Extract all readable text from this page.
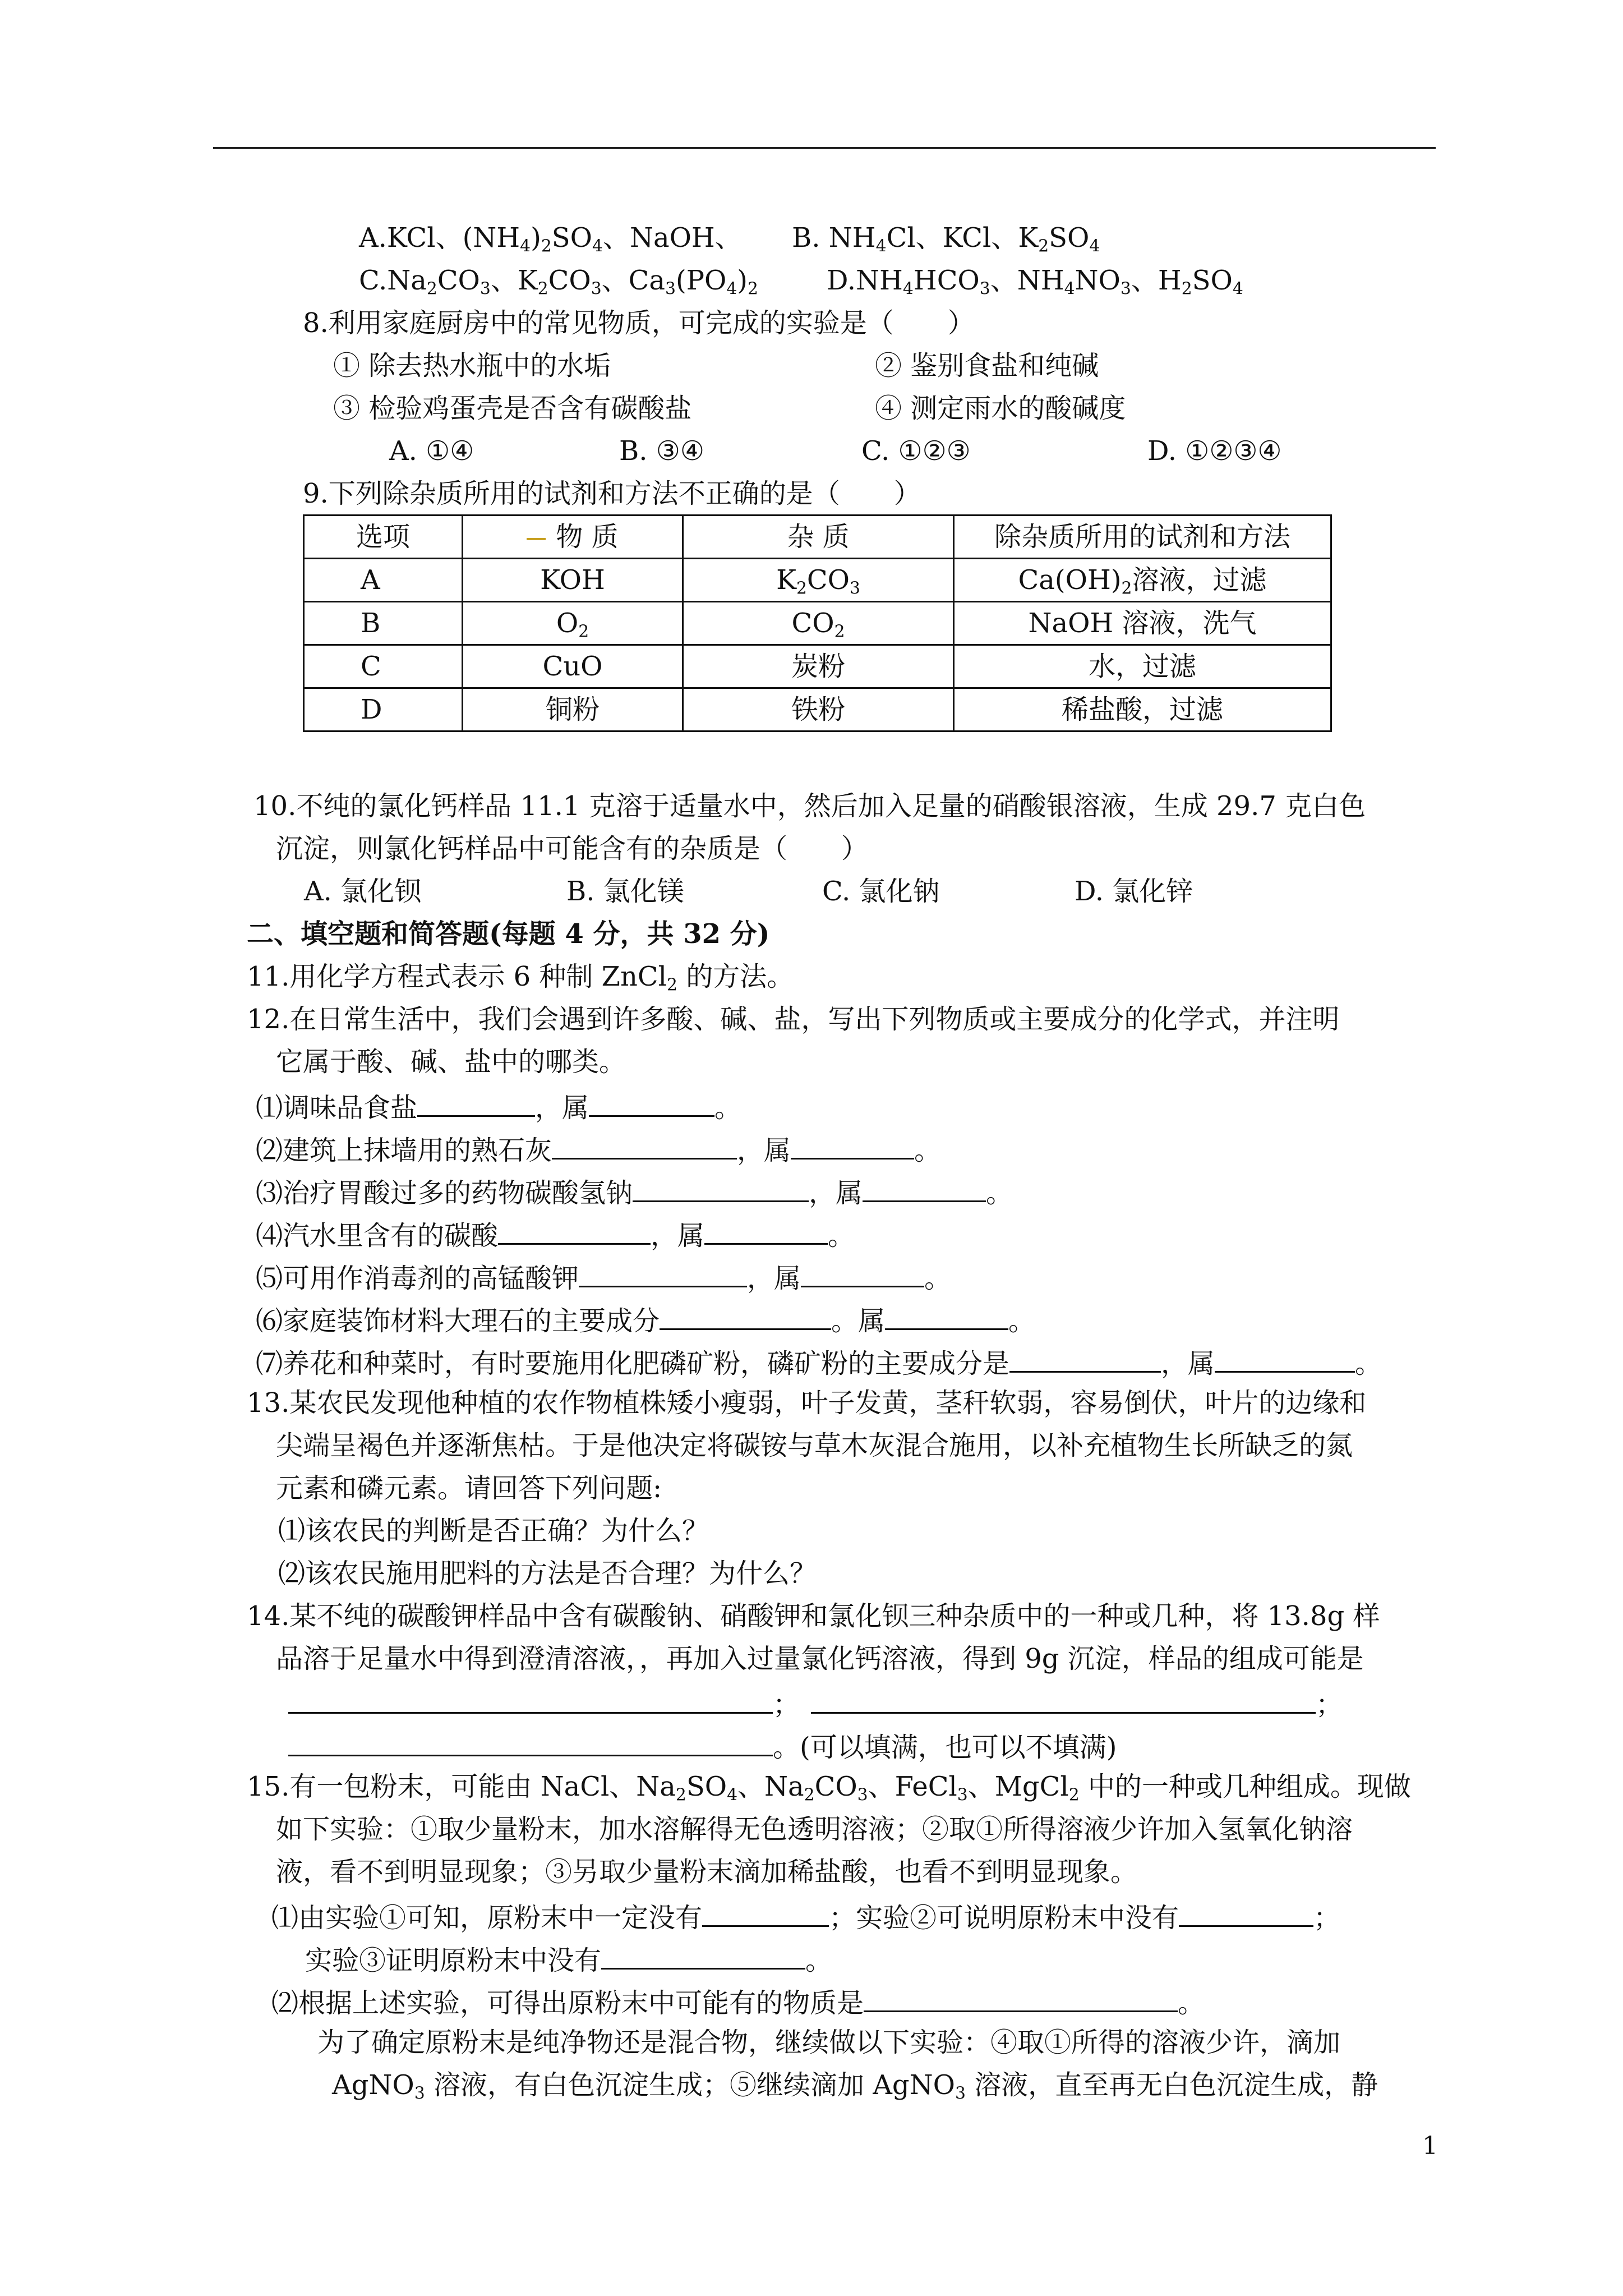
A.KCl、$(NH_4)_2SO_4$、NaOH、 B. $NH_4Cl$、KCl、$K_2SO_4$
$C.Na_2CO_3$、$K_2CO_3$、$Ca_3(PO_4)_2$	$D.NH_4HCO_3$、$NH_4NO_3$、$H_2SO_4$
8.利用家庭厨房中的常见物质，可完成的实验是（　　）
① 除去热水瓶中的水垢	② 鉴别食盐和纯碱
③ 检验鸡蛋壳是否含有碳酸盐	④ 测定雨水的酸碱度
A. ①④	B. ③④	C. ①②③	D. ①②③④
9.下列除杂质所用的试剂和方法不正确的是（　　）
选项	物 质	杂 质	除杂质所用的试剂和方法
A	KOH	$K_2CO_3$	$Ca(OH)_2$溶液，过滤
B	$O_2$	$CO_2$	NaOH 溶液，洗气
C	CuO	炭粉	水，过滤
D	铜粉	铁粉	稀盐酸，过滤
10.不纯的氯化钙样品 11.1 克溶于适量水中，然后加入足量的硝酸银溶液，生成 29.7 克白色
沉淀，则氯化钙样品中可能含有的杂质是（　　）
A. 氯化钡	B. 氯化镁	C. 氯化钠	D. 氯化锌
二、填空题和简答题(每题 4 分，共 32 分)
11.用化学方程式表示 6 种制 ZnCl$_2$ 的方法。
12.在日常生活中，我们会遇到许多酸、碱、盐，写出下列物质或主要成分的化学式，并注明
它属于酸、碱、盐中的哪类。
⑴调味品食盐	，属	。
⑵建筑上抹墙用的熟石灰	，属	。
⑶治疗胃酸过多的药物碳酸氢钠	，属	。
⑷汽水里含有的碳酸	，属	。
⑸可用作消毒剂的高锰酸钾	，属	。
⑹家庭装饰材料大理石的主要成分	。属	。
⑺养花和种菜时，有时要施用化肥磷矿粉，磷矿粉的主要成分是	，属	。
13.某农民发现他种植的农作物植株矮小瘦弱，叶子发黄，茎秆软弱，容易倒伏，叶片的边缘和
尖端呈褐色并逐渐焦枯。于是他决定将碳铵与草木灰混合施用，以补充植物生长所缺乏的氮
元素和磷元素。请回答下列问题:
⑴该农民的判断是否正确？为什么？
⑵该农民施用肥料的方法是否合理？为什么？
14.某不纯的碳酸钾样品中含有碳酸钠、硝酸钾和氯化钡三种杂质中的一种或几种，将 13.8g 样
品溶于足量水中得到澄清溶液，，再加入过量氯化钙溶液，得到 9g 沉淀，样品的组成可能是
；	；
。(可以填满，也可以不填满)
15.有一包粉末，可能由 NaCl、$Na_2SO_4$、$Na_2CO_3$、FeCl$_3$、MgCl$_2$ 中的一种或几种组成。现做
如下实验：①取少量粉末，加水溶解得无色透明溶液；②取①所得溶液少许加入氢氧化钠溶
液，看不到明显现象；③另取少量粉末滴加稀盐酸，也看不到明显现象。
⑴由实验①可知，原粉末中一定没有	；实验②可说明原粉末中没有	；
实验③证明原粉末中没有	。
⑵根据上述实验，可得出原粉末中可能有的物质是	。
为了确定原粉末是纯净物还是混合物，继续做以下实验：④取①所得的溶液少许，滴加
AgNO$_3$ 溶液，有白色沉淀生成；⑤继续滴加 AgNO$_3$ 溶液，直至再无白色沉淀生成，静
1
